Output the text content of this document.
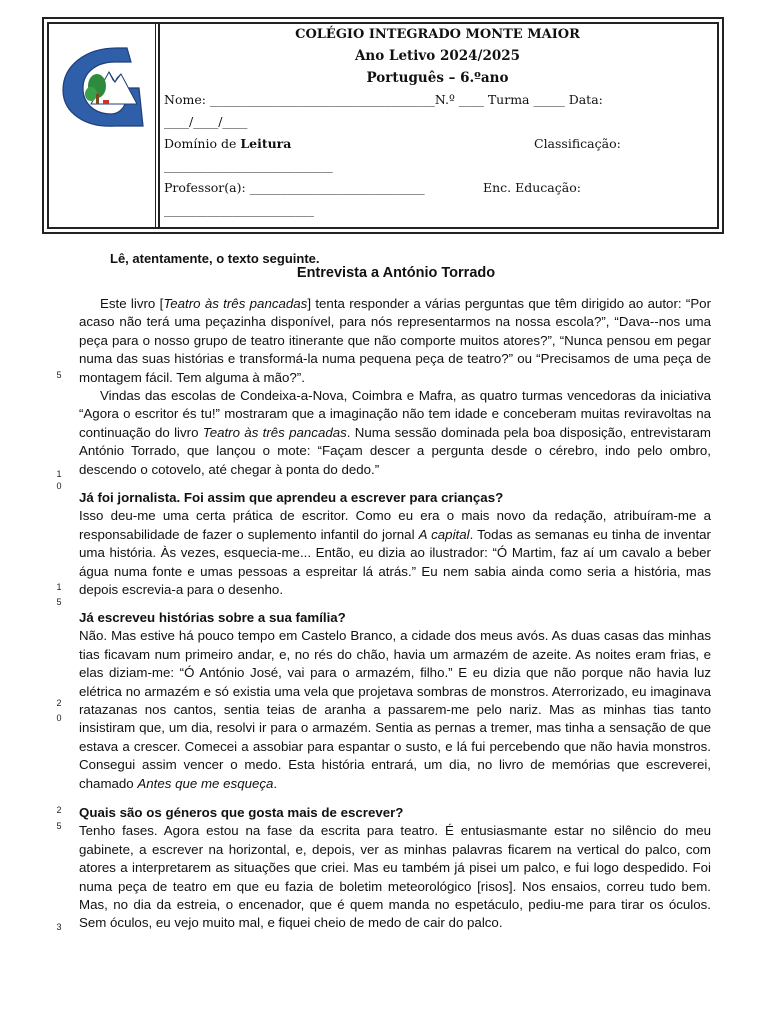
COLÉGIO INTEGRADO MONTE MAIOR
Ano Letivo 2024/2025
Português – 6.ºano
Nome: ____________________________________N.º ____ Turma _____ Data:
____/____/____
Domínio de Leitura	Classificação:
___________________________
Professor(a): ____________________________	Enc. Educação:
________________________
Lê, atentamente, o texto seguinte.
Entrevista a António Torrado
5
1
0
1
5
2
0
2
5
3

Este livro [Teatro às três pancadas] tenta responder a várias perguntas que têm dirigido ao autor: “Por acaso não terá uma peçazinha disponível, para nós representarmos na nossa escola?”, “Dava--nos uma peça para o nosso grupo de teatro itinerante que não comporte muitos atores?”, “Nunca pensou em pegar numa das suas histórias e transformá-la numa pequena peça de teatro?” ou “Precisamos de uma peça de montagem fácil. Tem alguma à mão?”.

Vindas das escolas de Condeixa-a-Nova, Coimbra e Mafra, as quatro turmas vencedoras da iniciativa “Agora o escritor és tu!” mostraram que a imaginação não tem idade e conceberam muitas reviravoltas na continuação do livro Teatro às três pancadas. Numa sessão dominada pela boa disposição, entrevistaram António Torrado, que lançou o mote: “Façam descer a pergunta desde o cérebro, indo pelo ombro, descendo o cotovelo, até chegar à ponta do dedo.”

Já foi jornalista. Foi assim que aprendeu a escrever para crianças?

Isso deu-me uma certa prática de escritor. Como eu era o mais novo da redação, atribuíram-me a responsabilidade de fazer o suplemento infantil do jornal A capital. Todas as semanas eu tinha de inventar uma história. Às vezes, esquecia-me... Então, eu dizia ao ilustrador: “Ó Martim, faz aí um cavalo a beber água numa fonte e umas pessoas a espreitar lá atrás.” Eu nem sabia ainda como seria a história, mas depois escrevia-a para o desenho.

Já escreveu histórias sobre a sua família?

Não. Mas estive há pouco tempo em Castelo Branco, a cidade dos meus avós. As duas casas das minhas tias ficavam num primeiro andar, e, no rés do chão, havia um armazém de azeite. As noites eram frias, e elas diziam-me: “Ó António José, vai para o armazém, filho.” E eu dizia que não porque não havia luz elétrica no armazém e só existia uma vela que projetava sombras de monstros. Aterrorizado, eu imaginava ratazanas nos cantos, sentia teias de aranha a passarem-me pelo nariz. Mas as minhas tias tanto insistiram que, um dia, resolvi ir para o armazém. Sentia as pernas a tremer, mas tinha a sensação de que estava a crescer. Comecei a assobiar para espantar o susto, e lá fui percebendo que não havia monstros. Consegui assim vencer o medo. Esta história entrará, um dia, no livro de memórias que escreverei, chamado Antes que me esqueça.

Quais são os géneros que gosta mais de escrever?

Tenho fases. Agora estou na fase da escrita para teatro. É entusiasmante estar no silêncio do meu gabinete, a escrever na horizontal, e, depois, ver as minhas palavras ficarem na vertical do palco, com atores a interpretarem as situações que criei. Mas eu também já pisei um palco, e fui logo despedido. Foi numa peça de teatro em que eu fazia de boletim meteorológico [risos]. Nos ensaios, correu tudo bem. Mas, no dia da estreia, o encenador, que é quem manda no espetáculo, pediu-me para tirar os óculos. Sem óculos, eu vejo muito mal, e fiquei cheio de medo de cair do palco.
